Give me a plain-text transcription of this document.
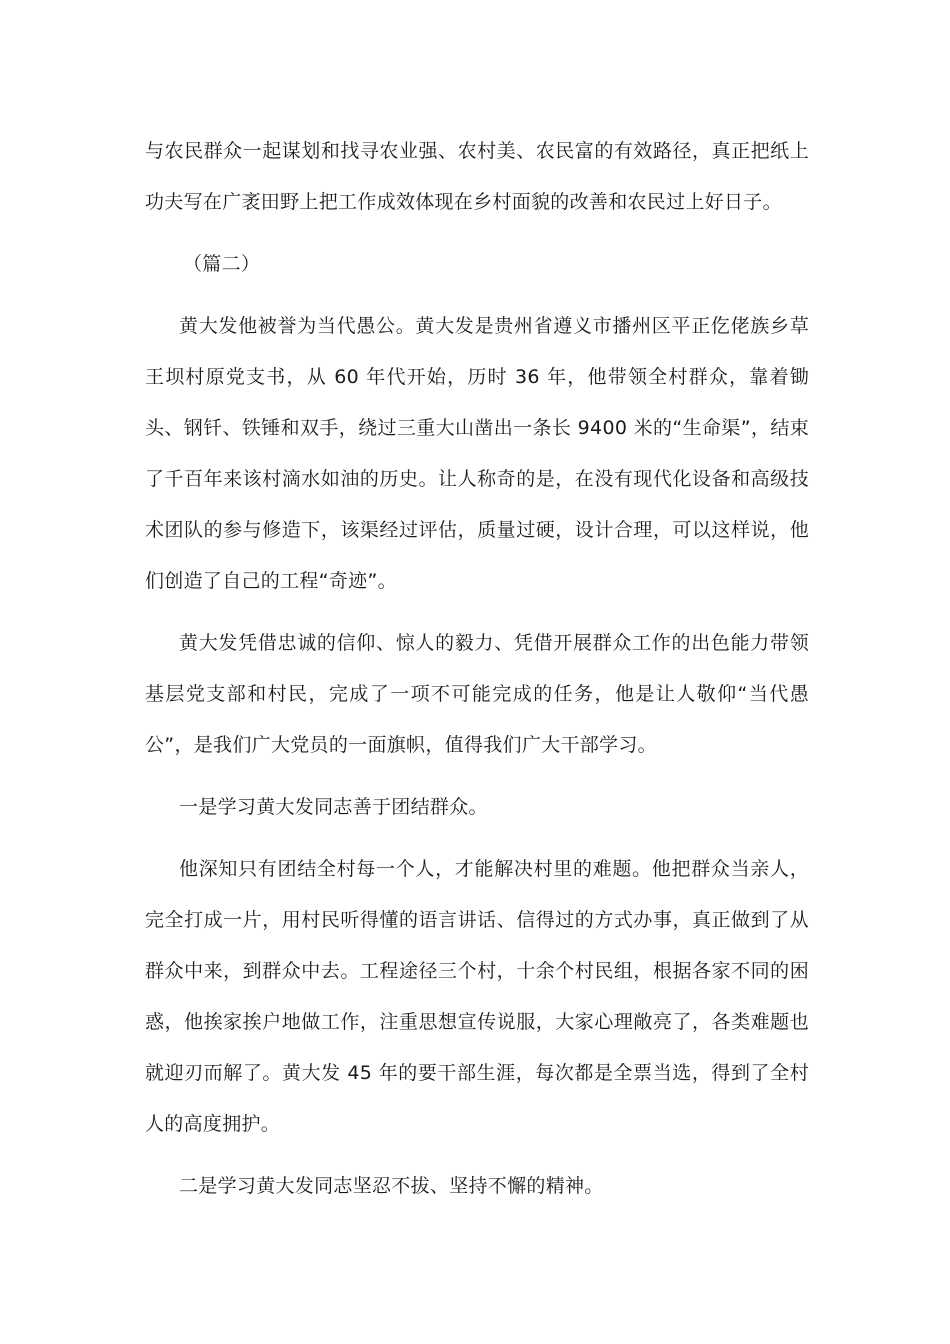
与农民群众一起谋划和找寻农业强、农村美、农民富的有效路径，真正把纸上功夫写在广袤田野上把工作成效体现在乡村面貌的改善和农民过上好日子。

（篇二）

黄大发他被誉为当代愚公。黄大发是贵州省遵义市播州区平正仡佬族乡草王坝村原党支书，从 60 年代开始，历时 36 年，他带领全村群众，靠着锄头、钢钎、铁锤和双手，绕过三重大山凿出一条长 9400 米的“生命渠”，结束了千百年来该村滴水如油的历史。让人称奇的是，在没有现代化设备和高级技术团队的参与修造下，该渠经过评估，质量过硬，设计合理，可以这样说，他们创造了自己的工程“奇迹”。

黄大发凭借忠诚的信仰、惊人的毅力、凭借开展群众工作的出色能力带领基层党支部和村民，完成了一项不可能完成的任务，他是让人敬仰“当代愚公”，是我们广大党员的一面旗帜，值得我们广大干部学习。

一是学习黄大发同志善于团结群众。

他深知只有团结全村每一个人，才能解决村里的难题。他把群众当亲人，完全打成一片，用村民听得懂的语言讲话、信得过的方式办事，真正做到了从群众中来，到群众中去。工程途径三个村，十余个村民组，根据各家不同的困惑，他挨家挨户地做工作，注重思想宣传说服，大家心理敞亮了，各类难题也就迎刃而解了。黄大发 45 年的要干部生涯，每次都是全票当选，得到了全村人的高度拥护。

二是学习黄大发同志坚忍不拔、坚持不懈的精神。
